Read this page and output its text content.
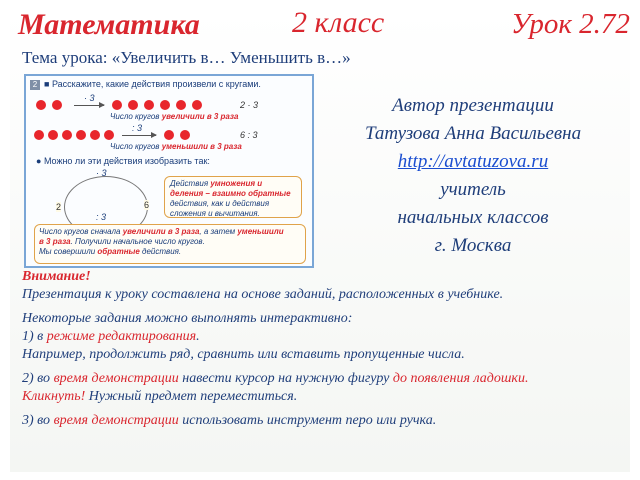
Математика	2 класс	Урок 2.72
Тема урока: «Увеличить в… Уменьшить в…»
2 ■ Расскажите, какие действия произвели с кругами.
· 3
2 · 3
Число кругов увеличили в 3 раза
: 3
6 : 3
Число кругов уменьшили в 3 раза
● Можно ли эти действия изобразить так:
· 3
: 3
2	6
Действия умножения и деления – взаимно обратные действия, как и действия сложения и вычитания.
Число кругов сначала увеличили в 3 раза, а затем уменьшили
в 3 раза. Получили начальное число кругов.
Мы совершили обратные действия.
Автор презентации
Татузова Анна Васильевна
http://avtatuzova.ru
учитель
начальных классов
г. Москва

Внимание!

Презентация к уроку составлена на основе заданий, расположенных в учебнике.

Некоторые задания можно выполнять интерактивно:

1) в режиме редактирования.

Например, продолжить ряд, сравнить или вставить пропущенные числа.

2) во время демонстрации навести курсор на нужную фигуру до появления ладошки.

Кликнуть! Нужный предмет переместиться.

3) во время демонстрации использовать инструмент перо или ручка.
